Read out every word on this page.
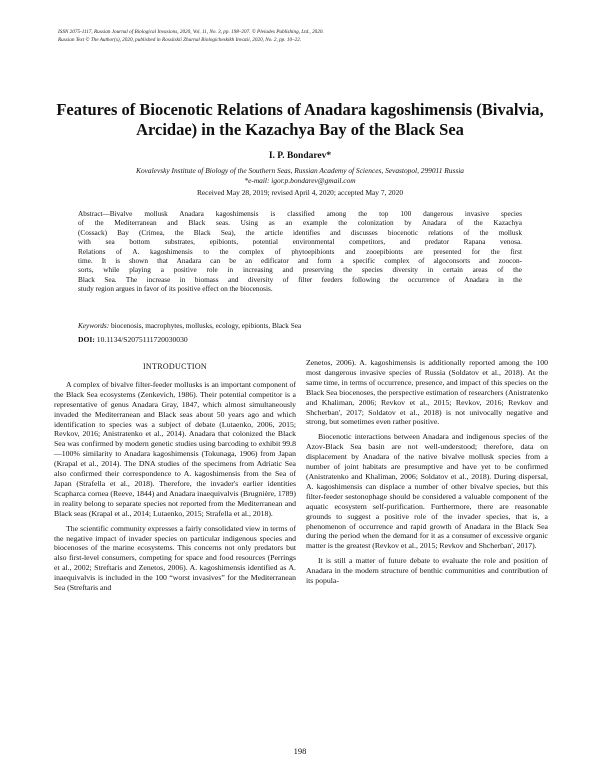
ISSN 2075-1117, Russian Journal of Biological Invasions, 2020, Vol. 11, No. 3, pp. 198–207. © Pleiades Publishing, Ltd., 2020.
Russian Text © The Author(s), 2020, published in Rossiiskii Zhurnal Biologicheskikh Invazii, 2020, No. 2, pp. 10–22.
Features of Biocenotic Relations of Anadara kagoshimensis (Bivalvia,
Arcidae) in the Kazachya Bay of the Black Sea
I. P. Bondarev*
Kovalevsky Institute of Biology of the Southern Seas, Russian Academy of Sciences, Sevastopol, 299011 Russia
*e-mail: igor.p.bondarev@gmail.com
Received May 28, 2019; revised April 4, 2020; accepted May 7, 2020
Abstract—Bivalve mollusk Anadara kagoshimensis is classified among the top 100 dangerous invasive species
of the Mediterranean and Black seas. Using as an example the colonization by Anadara of the Kazachya
(Cossack) Bay (Crimea, the Black Sea), the article identifies and discusses biocenotic relations of the mollusk
with sea bottom substrates, epibionts, potential environmental competitors, and predator Rapana venosa.
Relations of A. kagoshimensis to the complex of phytoepibionts and zooepibionts are presented for the first
time. It is shown that Anadara can be an edificator and form a specific complex of algoconsorts and zoocon-
sorts, while playing a positive role in increasing and preserving the species diversity in certain areas of the
Black Sea. The increase in biomass and diversity of filter feeders following the occurrence of Anadara in the
study region argues in favor of its positive effect on the biocenosis.
Keywords: biocenosis, macrophytes, mollusks, ecology, epibionts, Black Sea
DOI: 10.1134/S2075111720030030
INTRODUCTION

A complex of bivalve filter-feeder mollusks is an important component of the Black Sea ecosystems (Zenkevich, 1986). Their potential competitor is a representative of genus Anadara Gray, 1847, which almost simultaneously invaded the Mediterranean and Black seas about 50 years ago and which identification to species was a subject of debate (Lutaenko, 2006, 2015; Revkov, 2016; Anistratenko et al., 2014). Anadara that colonized the Black Sea was confirmed by modern genetic studies using barcoding to exhibit 99.8—100% similarity to Anadara kagoshimensis (Tokunaga, 1906) from Japan (Krapal et al., 2014). The DNA studies of the specimens from Adriatic Sea also confirmed their correspondence to A. kagoshimensis from the Sea of Japan (Strafella et al., 2018). Therefore, the invader's earlier identities Scapharca cornea (Reeve, 1844) and Anadara inaequivalvis (Brugnière, 1789) in reality belong to separate species not reported from the Mediterranean and Black seas (Krapal et al., 2014; Lutaenko, 2015; Strafella et al., 2018).

The scientific community expresses a fairly consolidated view in terms of the negative impact of invader species on particular indigenous species and biocenoses of the marine ecosystems. This concerns not only predators but also first-level consumers, competing for space and food resources (Perrings et al., 2002; Streftaris and Zenetos, 2006). A. kagoshimensis identified as A. inaequivalvis is included in the 100 “worst invasives” for the Mediterranean Sea (Streftaris and

Zenetos, 2006). A. kagoshimensis is additionally reported among the 100 most dangerous invasive species of Russia (Soldatov et al., 2018). At the same time, in terms of occurrence, presence, and impact of this species on the Black Sea biocenoses, the perspective estimation of researchers (Anistratenko and Khaliman, 2006; Revkov et al., 2015; Revkov, 2016; Revkov and Shcherban', 2017; Soldatov et al., 2018) is not univocally negative and strong, but sometimes even rather positive.

Biocenotic interactions between Anadara and indigenous species of the Azov-Black Sea basin are not well-understood; therefore, data on displacement by Anadara of the native bivalve mollusk species from a number of joint habitats are presumptive and have yet to be confirmed (Anistratenko and Khaliman, 2006; Soldatov et al., 2018). During dispersal, A. kagoshimensis can displace a number of other bivalve species, but this filter-feeder sestonophage should be considered a valuable component of the aquatic ecosystem self-purification. Furthermore, there are reasonable grounds to suggest a positive role of the invader species, that is, a phenomenon of occurrence and rapid growth of Anadara in the Black Sea during the period when the demand for it as a consumer of excessive organic matter is the greatest (Revkov et al., 2015; Revkov and Shcherban', 2017).

It is still a matter of future debate to evaluate the role and position of Anadara in the modern structure of benthic communities and contribution of its popula-

198
